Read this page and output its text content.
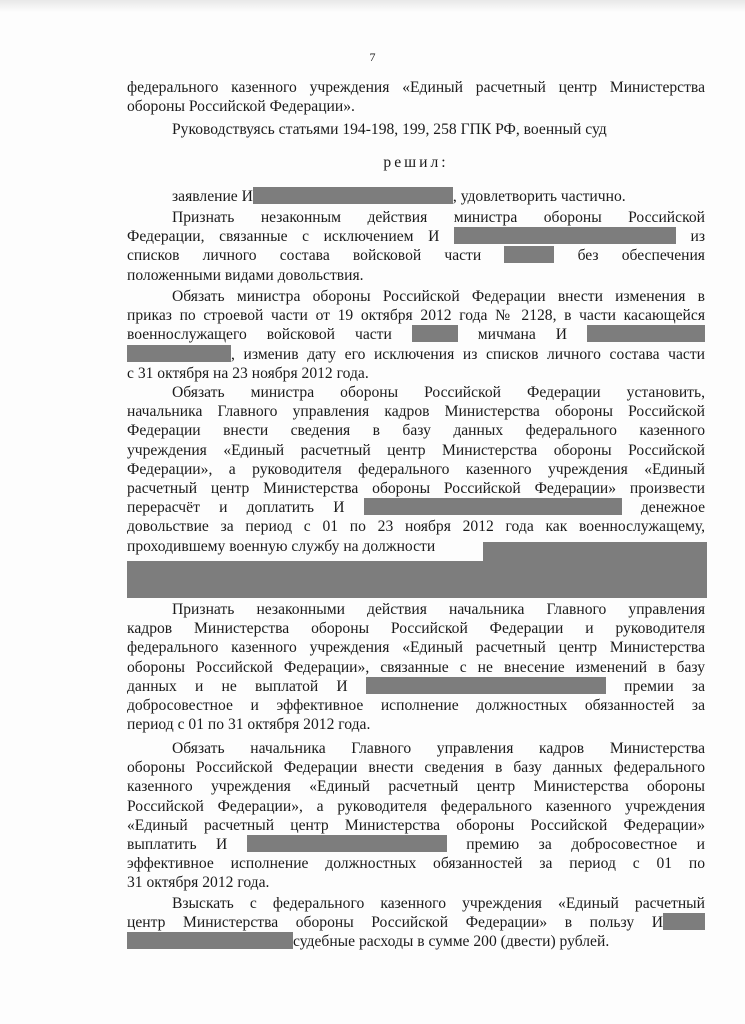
7
федерального казенного учреждения «Единый расчетный центр Министерства
обороны Российской Федерации».
Руководствуясь статьями 194-198, 199, 258 ГПК РФ, военный суд
решил:
заявление И	, удовлетворить частично.
Признать незаконным действия министра обороны Российской
Федерации, связанные с исключением И	из
списков личного состава войсковой части	без обеспечения
положенными видами довольствия.
Обязать министра обороны Российской Федерации внести изменения в
приказ по строевой части от 19 октября 2012 года № 2128, в части касающейся
военнослужащего войсковой части	мичмана И
, изменив дату его исключения из списков личного состава части
с 31 октября на 23 ноября 2012 года.
Обязать министра обороны Российской Федерации установить,
начальника Главного управления кадров Министерства обороны Российской
Федерации внести сведения в базу данных федерального казенного
учреждения «Единый расчетный центр Министерства обороны Российской
Федерации», а руководителя федерального казенного учреждения «Единый
расчетный центр Министерства обороны Российской Федерации» произвести
перерасчёт и доплатить И	денежное
довольствие за период с 01 по 23 ноября 2012 года как военнослужащему,
проходившему военную службу на должности
Признать незаконными действия начальника Главного управления
кадров Министерства обороны Российской Федерации и руководителя
федерального казенного учреждения «Единый расчетный центр Министерства
обороны Российской Федерации», связанные с не внесение изменений в базу
данных и не выплатой И	премии за
добросовестное и эффективное исполнение должностных обязанностей за
период с 01 по 31 октября 2012 года.
Обязать начальника Главного управления кадров Министерства
обороны Российской Федерации внести сведения в базу данных федерального
казенного учреждения «Единый расчетный центр Министерства обороны
Российской Федерации», а руководителя федерального казенного учреждения
«Единый расчетный центр Министерства обороны Российской Федерации»
выплатить И	премию за добросовестное и
эффективное исполнение должностных обязанностей за период с 01 по
31 октября 2012 года.
Взыскать с федерального казенного учреждения «Единый расчетный
центр Министерства обороны Российской Федерации» в пользу И
судебные расходы в сумме 200 (двести) рублей.
